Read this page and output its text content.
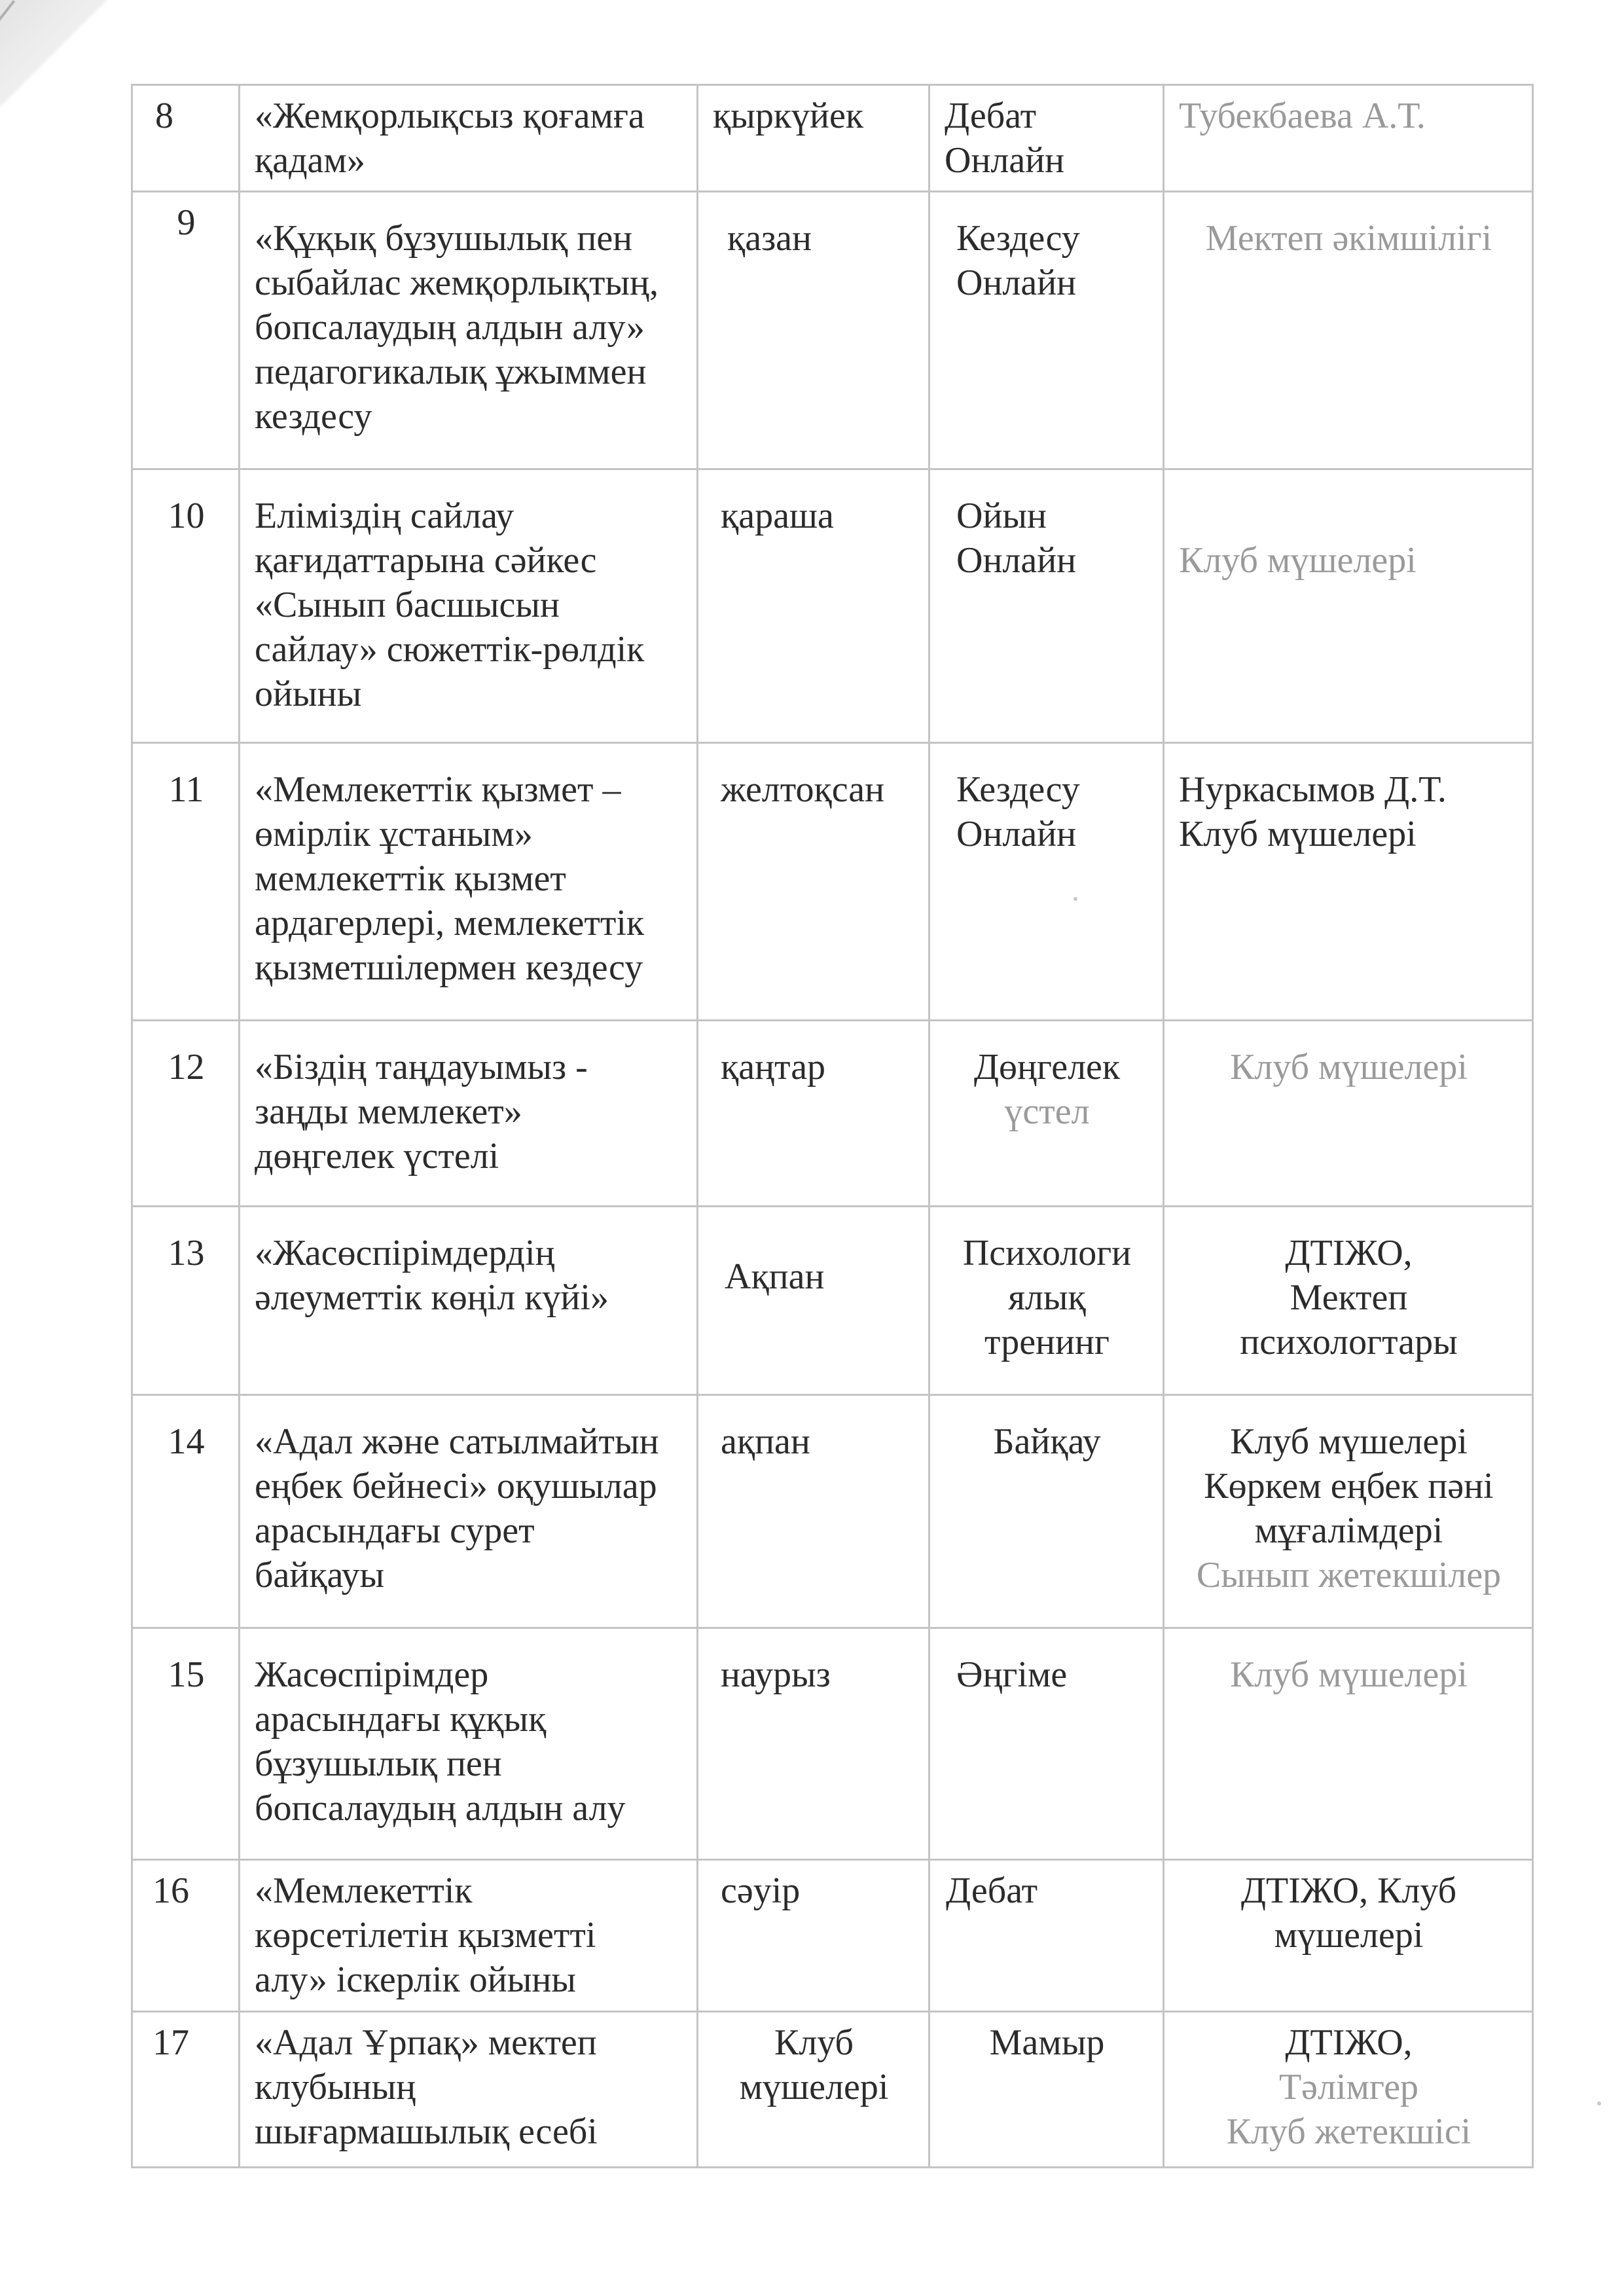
8	«Жемқорлықсыз қоғамға
қадам»	қыркүйек	Дебат
Онлайн	Тубекбаева А.Т.

9	«Құқық бұзушылық пен
сыбайлас жемқорлықтың,
бопсалаудың алдын алу»
педагогикалық ұжыммен
кездесу	қазан	Кездесу
Онлайн	Мектеп әкімшілігі

10	Еліміздің сайлау
қағидаттарына сәйкес
«Сынып басшысын
сайлау» сюжеттік-рөлдік
ойыны	қараша	Ойын
Онлайн	Клуб мүшелері

11	«Мемлекеттік қызмет –
өмірлік ұстаным»
мемлекеттік қызмет
ардагерлері, мемлекеттік
қызметшілермен кездесу	желтоқсан	Кездесу
Онлайн	Нуркасымов Д.Т.
Клуб мүшелері

12	«Біздің таңдауымыз -
заңды мемлекет»
дөңгелек үстелі	қаңтар	Дөңгелек
үстел	Клуб мүшелері

13	«Жасөспірімдердің
әлеуметтік көңіл күйі»	Ақпан	Психологи
ялық
тренинг	ДТІЖО,
Мектеп
психологтары

14	«Адал және сатылмайтын
еңбек бейнесі» оқушылар
арасындағы сурет
байқауы	ақпан	Байқау	Клуб мүшелері
Көркем еңбек пәні
мұғалімдері
Сынып жетекшілер

15	Жасөспірімдер
арасындағы құқық
бұзушылық пен
бопсалаудың алдын алу	наурыз	Әңгіме	Клуб мүшелері

16	«Мемлекеттік
көрсетілетін қызметті
алу» іскерлік ойыны	сәуір	Дебат	ДТІЖО, Клуб
мүшелері

17	«Адал Ұрпақ» мектеп
клубының
шығармашылық есебі	Клуб
мүшелері	Мамыр	ДТІЖО,
Тәлімгер
Клуб жетекшісі
